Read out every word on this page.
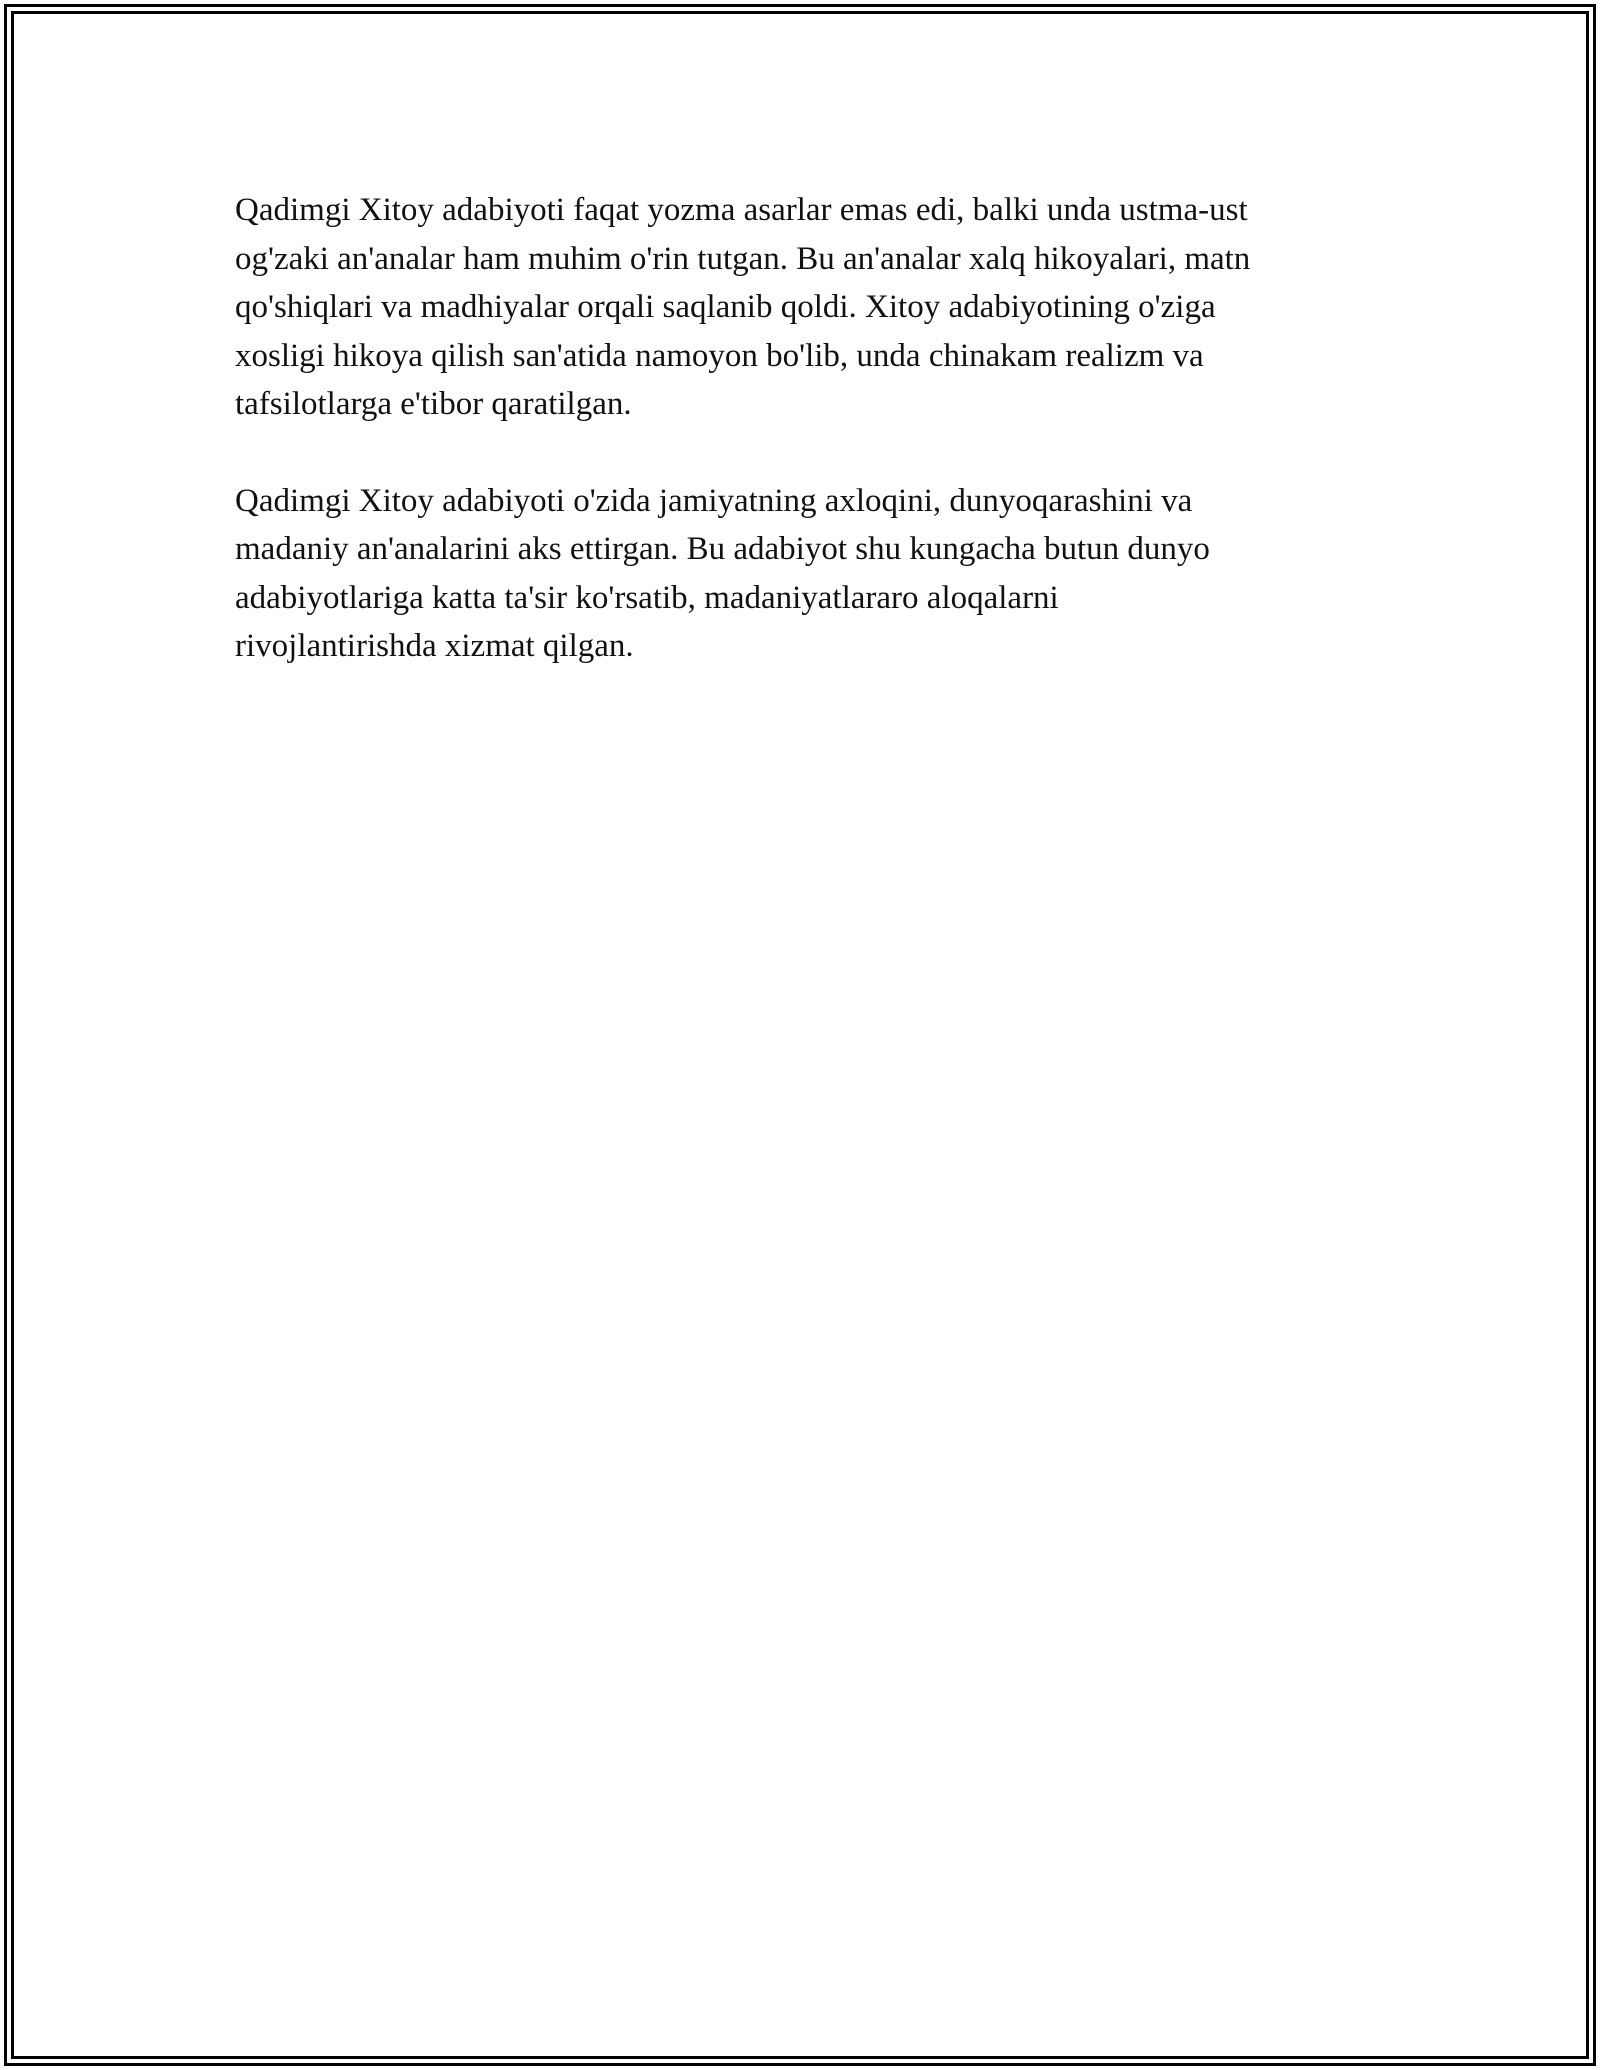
Qadimgi Xitoy adabiyoti faqat yozma asarlar emas edi, balki unda ustma-ust
og'zaki an'analar ham muhim o'rin tutgan. Bu an'analar xalq hikoyalari, matn
qo'shiqlari va madhiyalar orqali saqlanib qoldi. Xitoy adabiyotining o'ziga
xosligi hikoya qilish san'atida namoyon bo'lib, unda chinakam realizm va
tafsilotlarga e'tibor qaratilgan.

Qadimgi Xitoy adabiyoti o'zida jamiyatning axloqini, dunyoqarashini va
madaniy an'analarini aks ettirgan. Bu adabiyot shu kungacha butun dunyo
adabiyotlariga katta ta'sir ko'rsatib, madaniyatlararo aloqalarni
rivojlantirishda xizmat qilgan.
